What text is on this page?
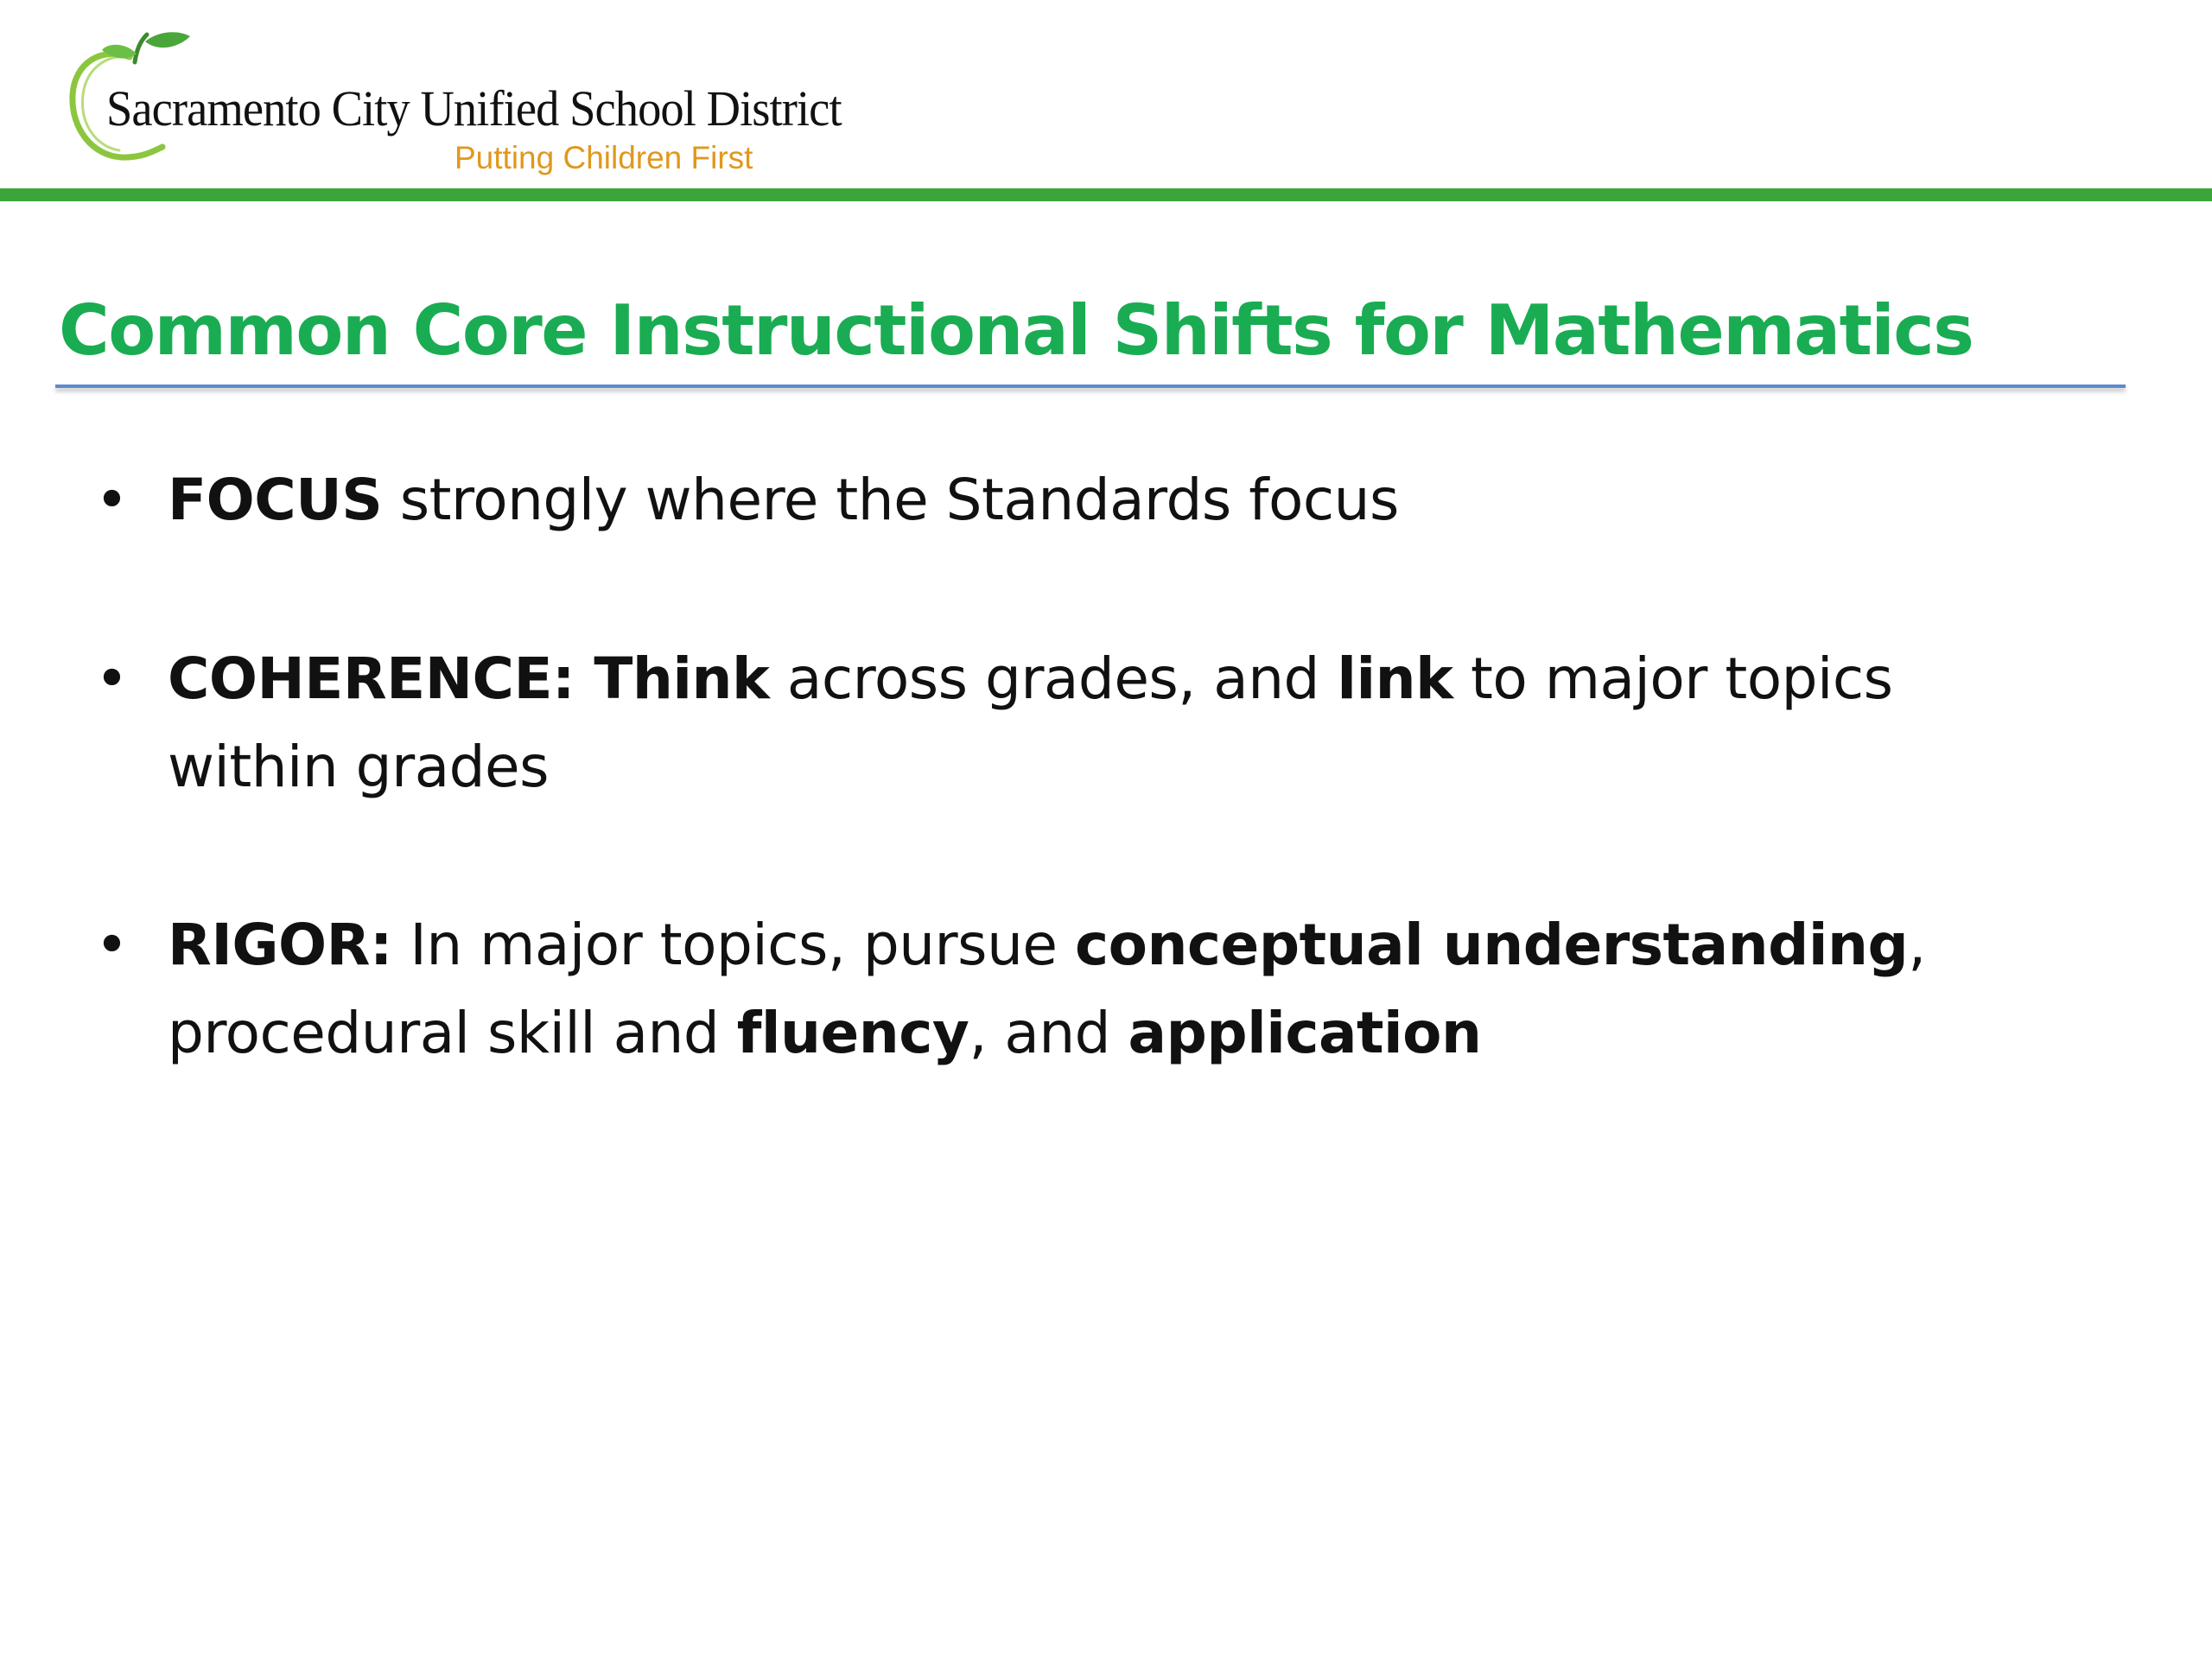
Sacramento City Unified School District
Putting Children First
Common Core Instructional Shifts for Mathematics
• FOCUS strongly where the Standards focus
• COHERENCE: Think across grades, and link to major topics within grades
• RIGOR: In major topics, pursue conceptual understanding, procedural skill and fluency, and application
